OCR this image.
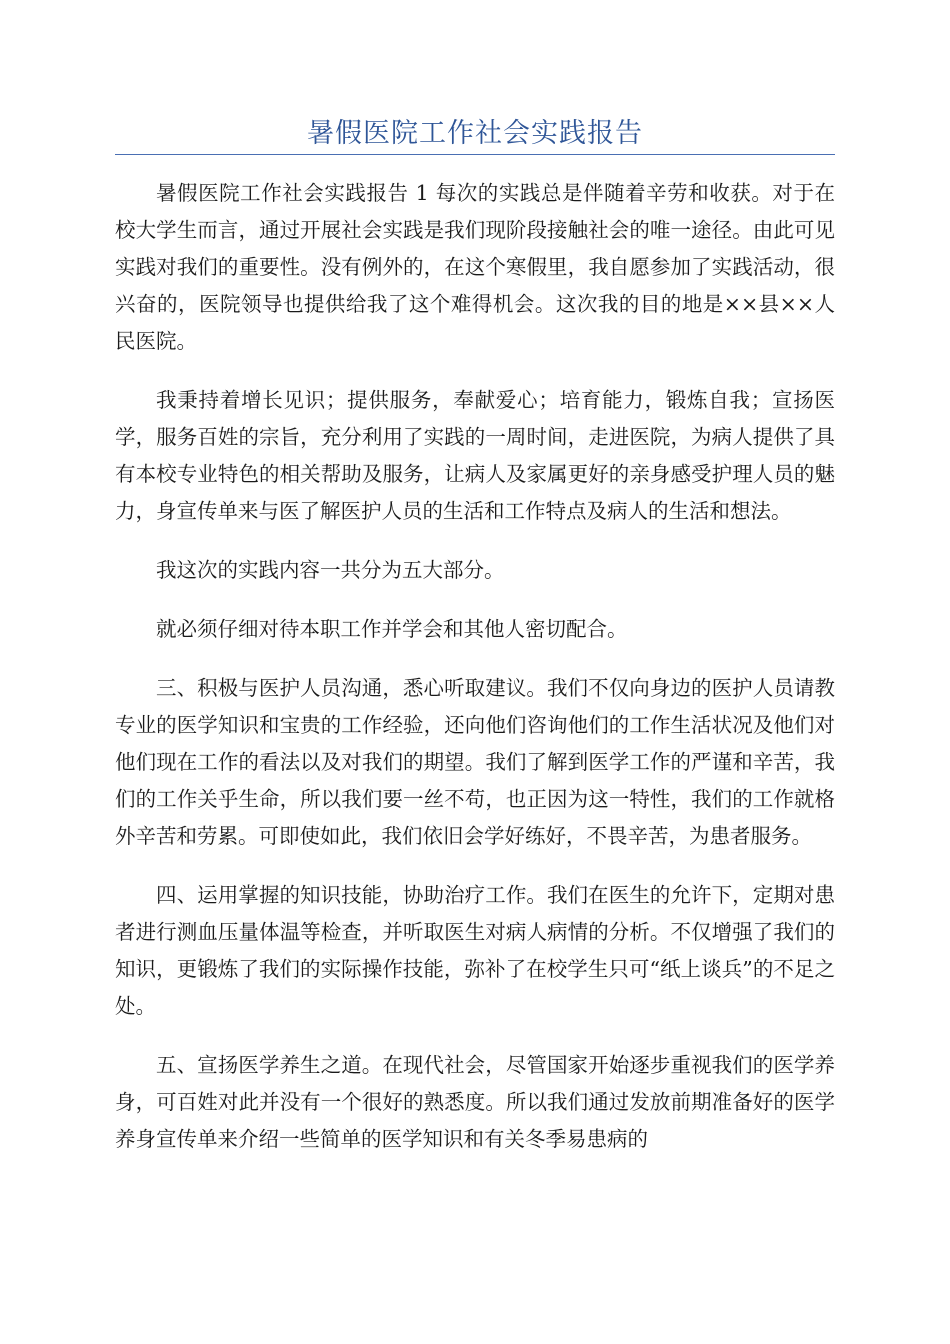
暑假医院工作社会实践报告

暑假医院工作社会实践报告 1 每次的实践总是伴随着辛劳和收获。对于在校大学生而言，通过开展社会实践是我们现阶段接触社会的唯一途径。由此可见实践对我们的重要性。没有例外的，在这个寒假里，我自愿参加了实践活动，很兴奋的，医院领导也提供给我了这个难得机会。这次我的目的地是××县××人民医院。

我秉持着增长见识；提供服务，奉献爱心；培育能力，锻炼自我；宣扬医学，服务百姓的宗旨，充分利用了实践的一周时间，走进医院，为病人提供了具有本校专业特色的相关帮助及服务，让病人及家属更好的亲身感受护理人员的魅力，身宣传单来与医了解医护人员的生活和工作特点及病人的生活和想法。

我这次的实践内容一共分为五大部分。

就必须仔细对待本职工作并学会和其他人密切配合。

三、积极与医护人员沟通，悉心听取建议。我们不仅向身边的医护人员请教专业的医学知识和宝贵的工作经验，还向他们咨询他们的工作生活状况及他们对他们现在工作的看法以及对我们的期望。我们了解到医学工作的严谨和辛苦，我们的工作关乎生命，所以我们要一丝不苟，也正因为这一特性，我们的工作就格外辛苦和劳累。可即使如此，我们依旧会学好练好，不畏辛苦，为患者服务。

四、运用掌握的知识技能，协助治疗工作。我们在医生的允许下，定期对患者进行测血压量体温等检查，并听取医生对病人病情的分析。不仅增强了我们的知识，更锻炼了我们的实际操作技能，弥补了在校学生只可“纸上谈兵”的不足之处。

五、宣扬医学养生之道。在现代社会，尽管国家开始逐步重视我们的医学养身，可百姓对此并没有一个很好的熟悉度。所以我们通过发放前期准备好的医学养身宣传单来介绍一些简单的医学知识和有关冬季易患病的
